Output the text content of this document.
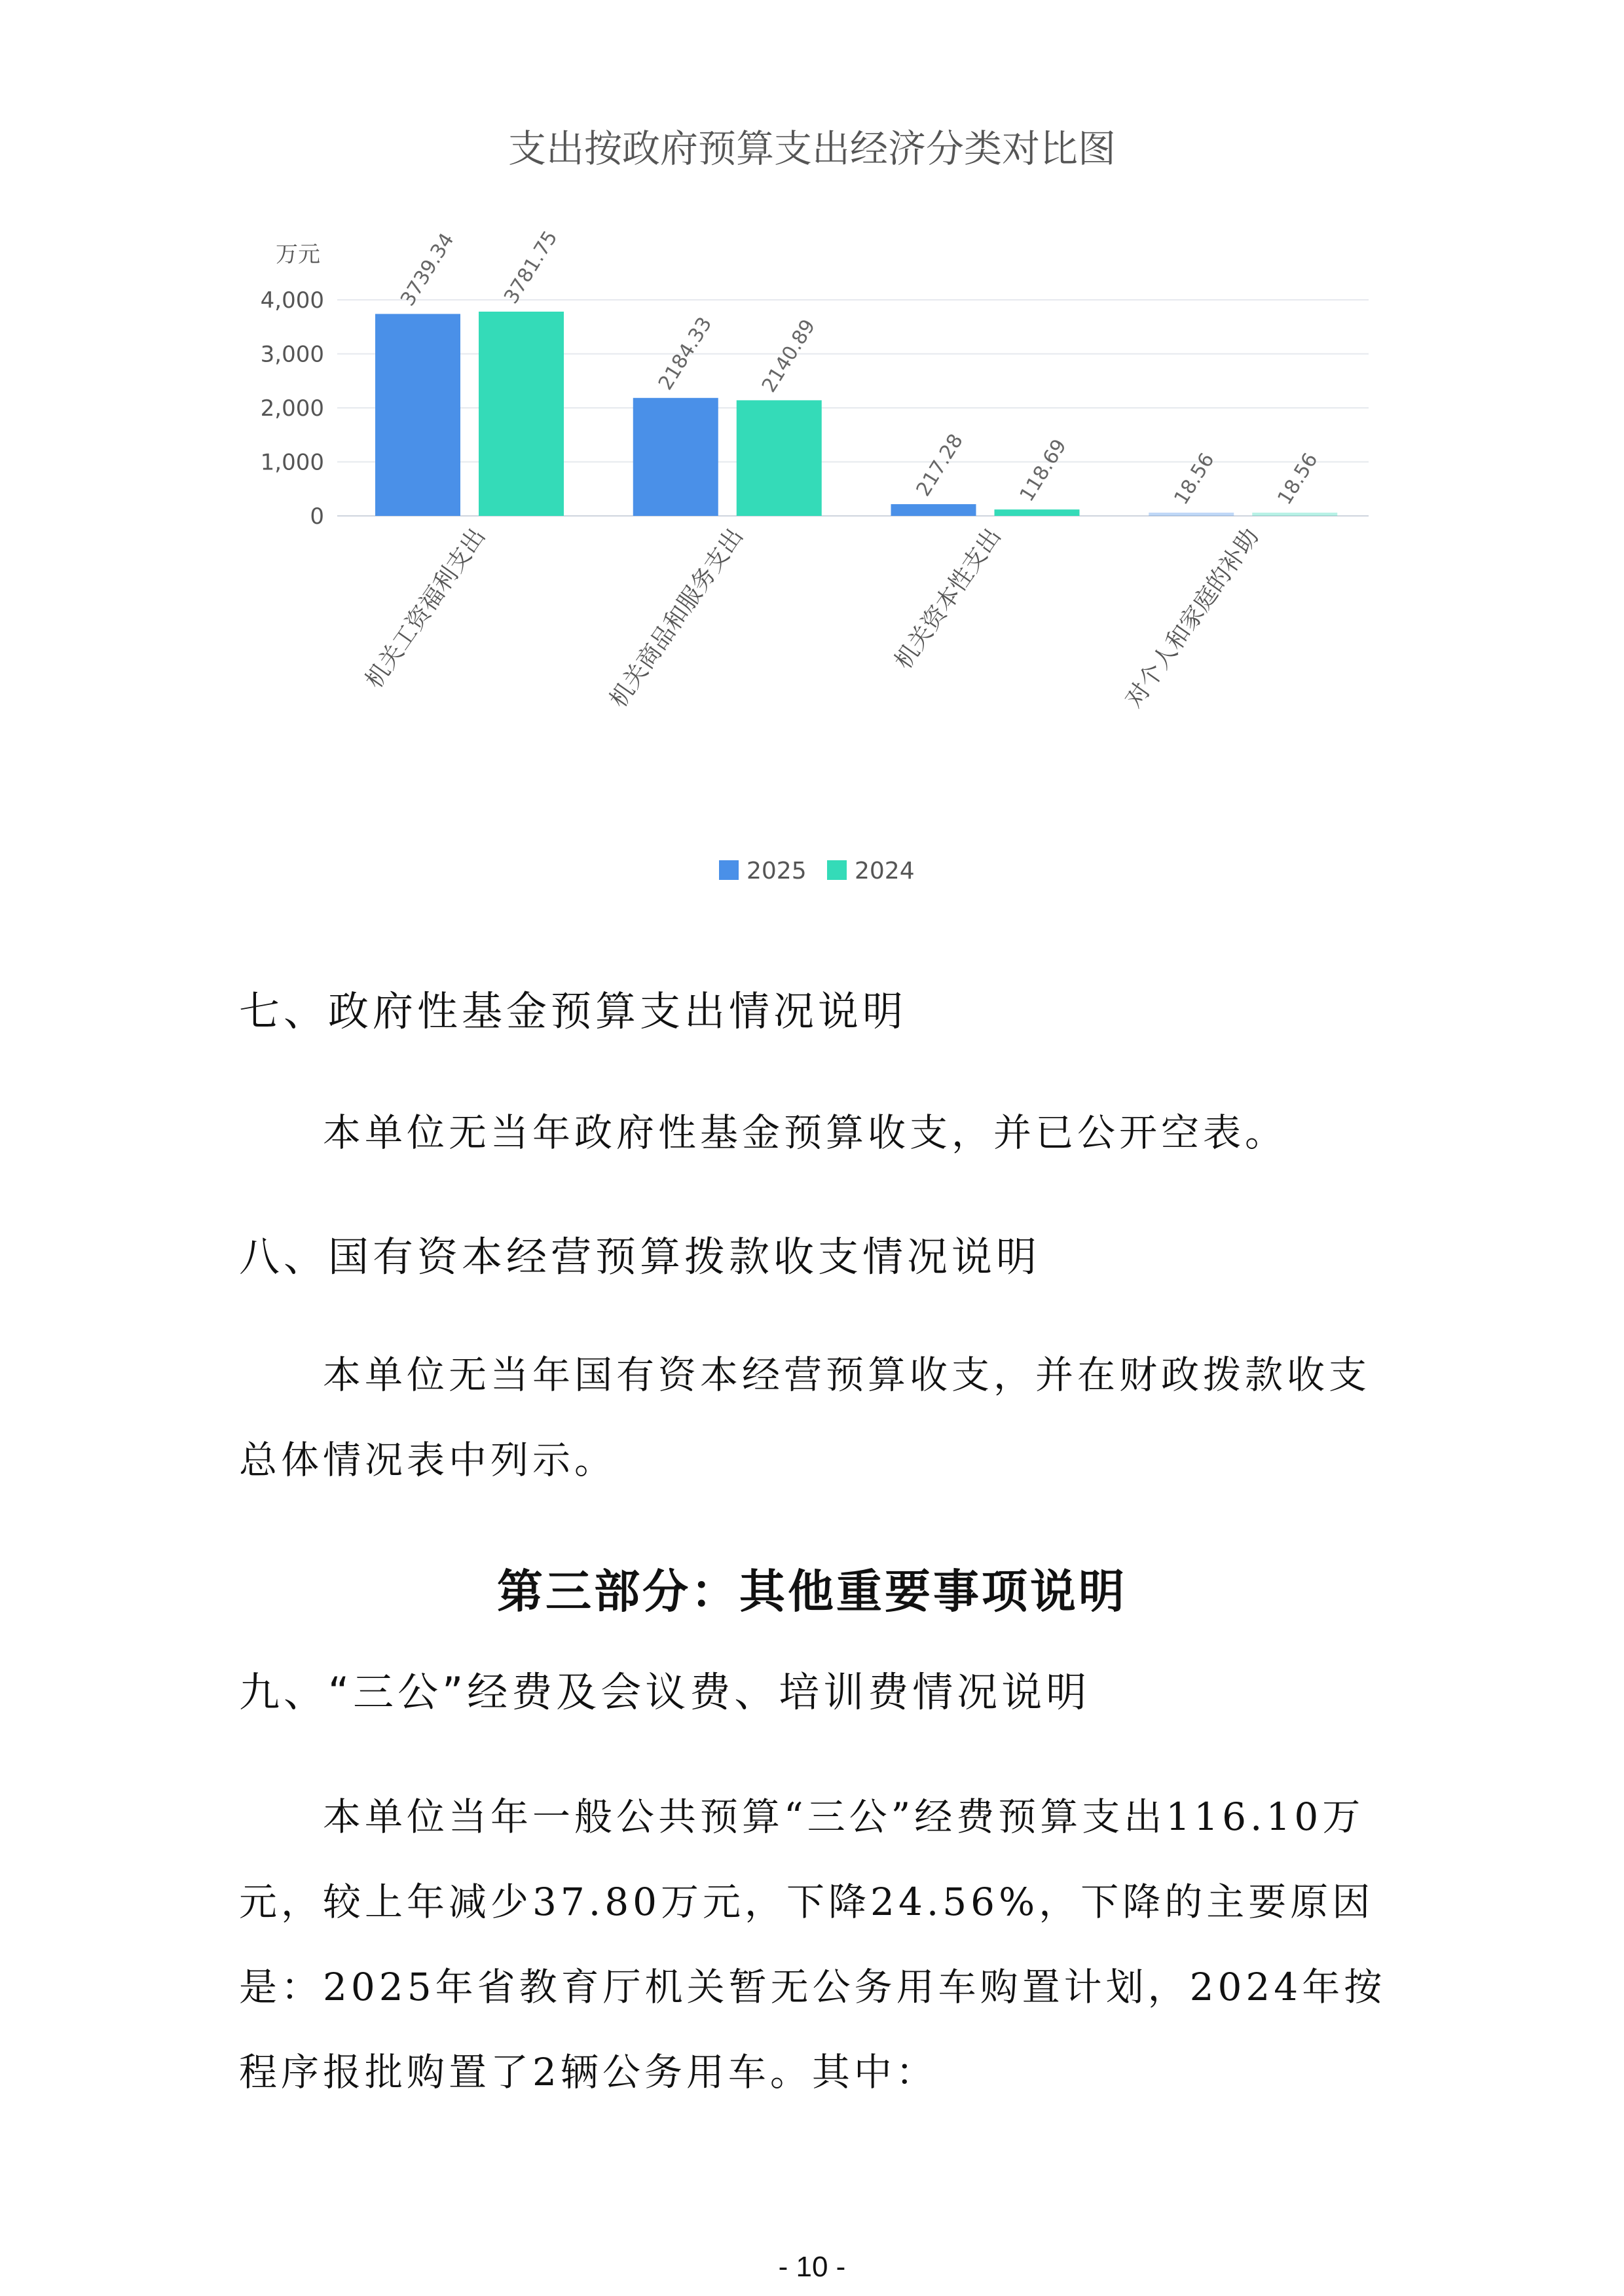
支出按政府预算支出经济分类对比图
万元
0
1,000
2,000
3,000
4,000	3739.34 3781.75
机关工资福利支出
2184.33 2140.89
机关商品和服务支出
217.28 118.69
机关资本性支出
18.56	18.56
对个人和家庭的补助
2025 2024

七、政府性基金预算支出情况说明

本单位无当年政府性基金预算收支，并已公开空表。

八、国有资本经营预算拨款收支情况说明

本单位无当年国有资本经营预算收支，并在财政拨款收支总体情况表中列示。

第三部分：其他重要事项说明

九、“三公”经费及会议费、培训费情况说明

本单位当年一般公共预算“三公”经费预算支出116.10万元，较上年减少37.80万元，下降24.56%，下降的主要原因是：2025年省教育厅机关暂无公务用车购置计划，2024年按程序报批购置了2辆公务用车。其中：

- 10 -
